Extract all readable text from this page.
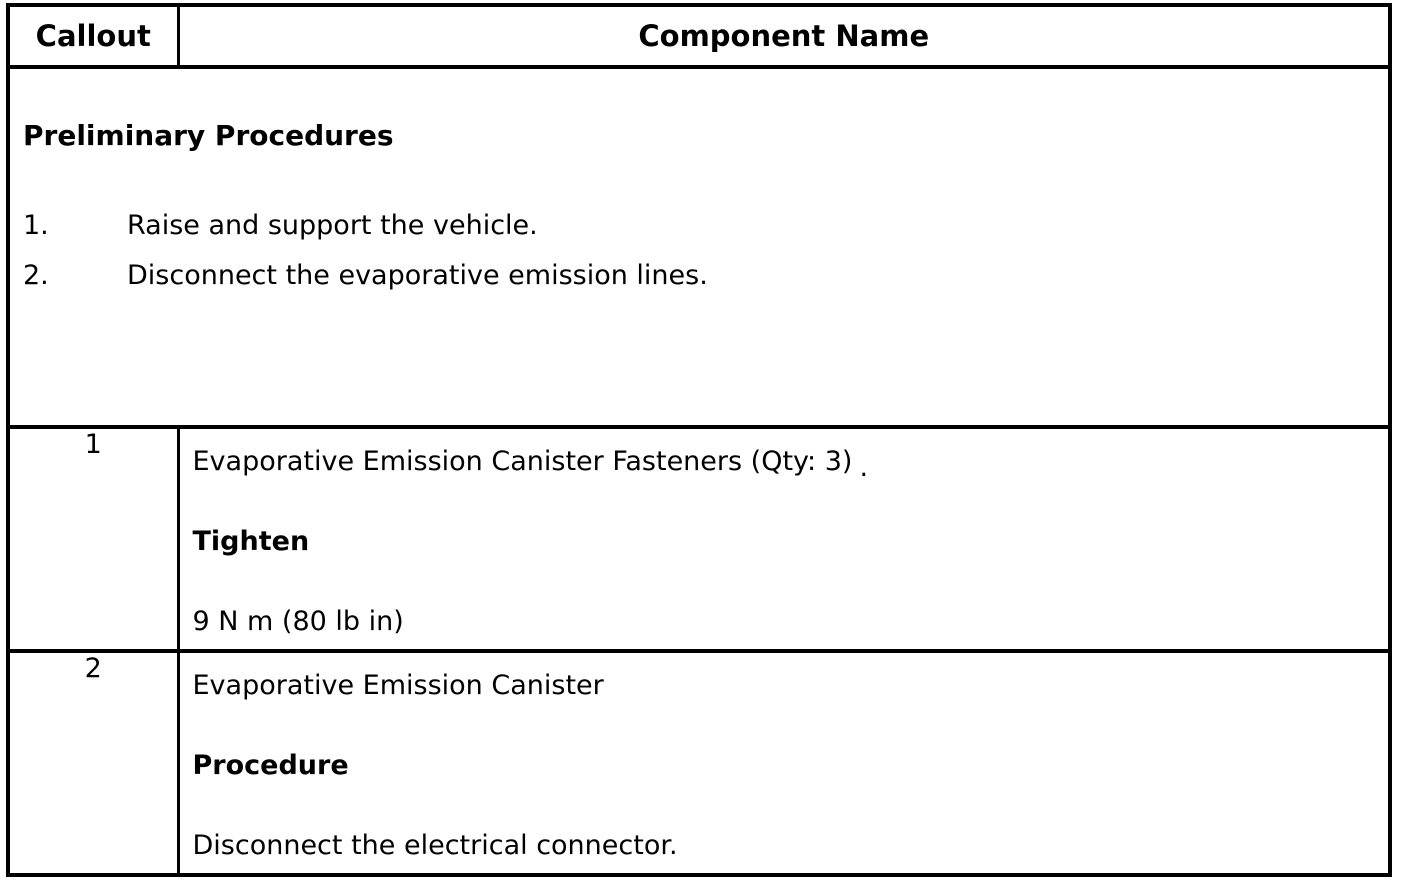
Callout	Component Name

Preliminary Procedures
1. Raise and support the vehicle.
2. Disconnect the evaporative emission lines.	

1	Evaporative Emission Canister Fasteners (Qty: 3) .

Tighten

9 N m (80 lb in)

2	Evaporative Emission Canister

Procedure

Disconnect the electrical connector.
